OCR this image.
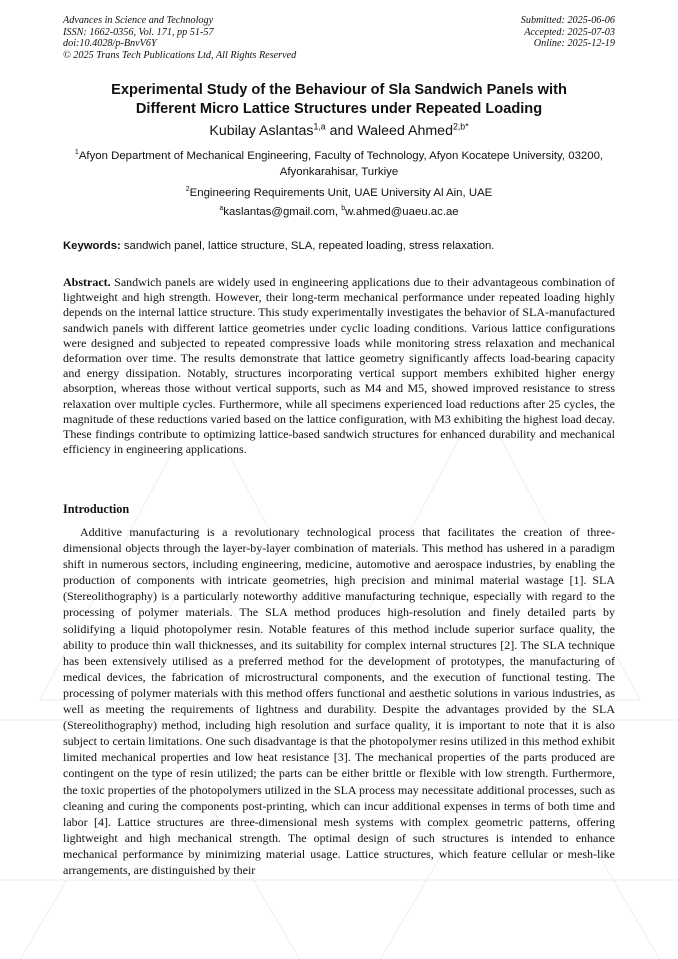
Advances in Science and Technology
ISSN: 1662-0356, Vol. 171, pp 51-57
doi:10.4028/p-BnvV6Y
© 2025 Trans Tech Publications Ltd, All Rights Reserved
Submitted: 2025-06-06
Accepted: 2025-07-03
Online: 2025-12-19
Experimental Study of the Behaviour of Sla Sandwich Panels with
Different Micro Lattice Structures under Repeated Loading
Kubilay Aslantas$^{1,a}$ and Waleed Ahmed$^{2,b*}$
$^1$Afyon Department of Mechanical Engineering, Faculty of Technology, Afyon Kocatepe University, 03200, Afyonkarahisar, Turkiye
$^2$Engineering Requirements Unit, UAE University Al Ain, UAE
$^a$kaslantas@gmail.com, $^b$w.ahmed@uaeu.ac.ae
Keywords: sandwich panel, lattice structure, SLA, repeated loading, stress relaxation.
Abstract. Sandwich panels are widely used in engineering applications due to their advantageous combination of lightweight and high strength. However, their long-term mechanical performance under repeated loading highly depends on the internal lattice structure. This study experimentally investigates the behavior of SLA-manufactured sandwich panels with different lattice geometries under cyclic loading conditions. Various lattice configurations were designed and subjected to repeated compressive loads while monitoring stress relaxation and mechanical deformation over time. The results demonstrate that lattice geometry significantly affects load-bearing capacity and energy dissipation. Notably, structures incorporating vertical support members exhibited higher energy absorption, whereas those without vertical supports, such as M4 and M5, showed improved resistance to stress relaxation over multiple cycles. Furthermore, while all specimens experienced load reductions after 25 cycles, the magnitude of these reductions varied based on the lattice configuration, with M3 exhibiting the highest load decay. These findings contribute to optimizing lattice-based sandwich structures for enhanced durability and mechanical efficiency in engineering applications.
Introduction
Additive manufacturing is a revolutionary technological process that facilitates the creation of three-dimensional objects through the layer-by-layer combination of materials. This method has ushered in a paradigm shift in numerous sectors, including engineering, medicine, automotive and aerospace industries, by enabling the production of components with intricate geometries, high precision and minimal material wastage [1]. SLA (Stereolithography) is a particularly noteworthy additive manufacturing technique, especially with regard to the processing of polymer materials. The SLA method produces high-resolution and finely detailed parts by solidifying a liquid photopolymer resin. Notable features of this method include superior surface quality, the ability to produce thin wall thicknesses, and its suitability for complex internal structures [2]. The SLA technique has been extensively utilised as a preferred method for the development of prototypes, the manufacturing of medical devices, the fabrication of microstructural components, and the execution of functional testing. The processing of polymer materials with this method offers functional and aesthetic solutions in various industries, as well as meeting the requirements of lightness and durability. Despite the advantages provided by the SLA (Stereolithography) method, including high resolution and surface quality, it is important to note that it is also subject to certain limitations. One such disadvantage is that the photopolymer resins utilized in this method exhibit limited mechanical properties and low heat resistance [3]. The mechanical properties of the parts produced are contingent on the type of resin utilized; the parts can be either brittle or flexible with low strength. Furthermore, the toxic properties of the photopolymers utilized in the SLA process may necessitate additional processes, such as cleaning and curing the components post-printing, which can incur additional expenses in terms of both time and labor [4]. Lattice structures are three-dimensional mesh systems with complex geometric patterns, offering lightweight and high mechanical strength. The optimal design of such structures is intended to enhance mechanical performance by minimizing material usage. Lattice structures, which feature cellular or mesh-like arrangements, are distinguished by their
